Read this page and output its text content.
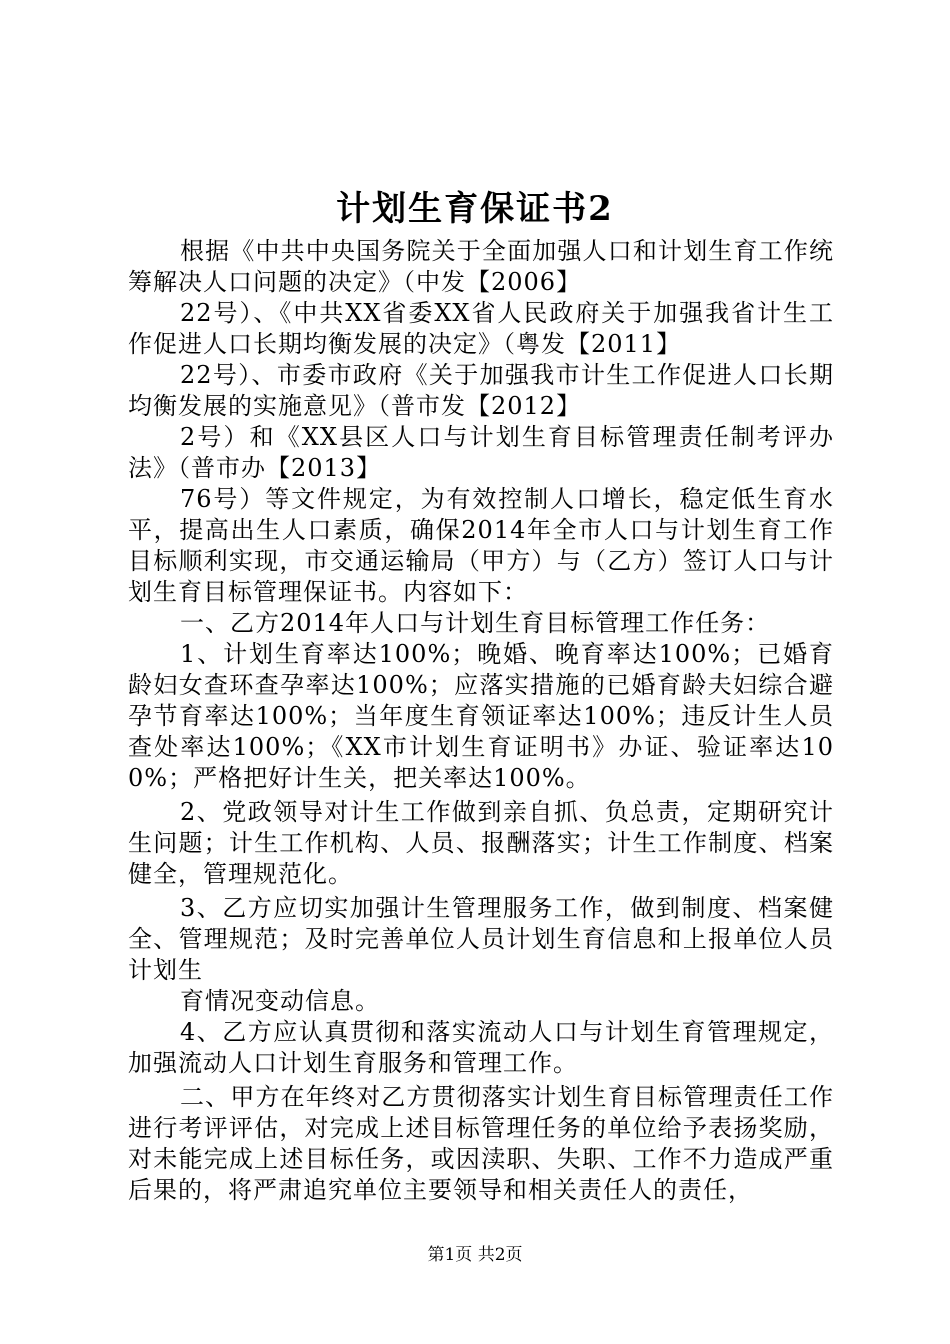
计划生育保证书2

根据《中共中央国务院关于全面加强人口和计划生育工作统筹解决人口问题的决定》（中发【2006】

22号）、《中共XX省委XX省人民政府关于加强我省计生工作促进人口长期均衡发展的决定》（粤发【2011】

22号）、市委市政府《关于加强我市计生工作促进人口长期均衡发展的实施意见》（普市发【2012】

2号）和《XX县区人口与计划生育目标管理责任制考评办法》（普市办【2013】

76号）等文件规定，为有效控制人口增长，稳定低生育水平，提高出生人口素质，确保2014年全市人口与计划生育工作目标顺利实现，市交通运输局（甲方）与（乙方）签订人口与计划生育目标管理保证书。内容如下：

一、乙方2014年人口与计划生育目标管理工作任务：

1、计划生育率达100%；晚婚、晚育率达100%；已婚育龄妇女查环查孕率达100%；应落实措施的已婚育龄夫妇综合避孕节育率达100%；当年度生育领证率达100%；违反计生人员查处率达100%；《XX市计划生育证明书》办证、验证率达100%；严格把好计生关，把关率达100%。

2、党政领导对计生工作做到亲自抓、负总责，定期研究计生问题；计生工作机构、人员、报酬落实；计生工作制度、档案健全，管理规范化。

3、乙方应切实加强计生管理服务工作，做到制度、档案健全、管理规范；及时完善单位人员计划生育信息和上报单位人员计划生

育情况变动信息。

4、乙方应认真贯彻和落实流动人口与计划生育管理规定，加强流动人口计划生育服务和管理工作。

二、甲方在年终对乙方贯彻落实计划生育目标管理责任工作进行考评评估，对完成上述目标管理任务的单位给予表扬奖励，对未能完成上述目标任务，或因渎职、失职、工作不力造成严重后果的，将严肃追究单位主要领导和相关责任人的责任，

第1页 共2页
